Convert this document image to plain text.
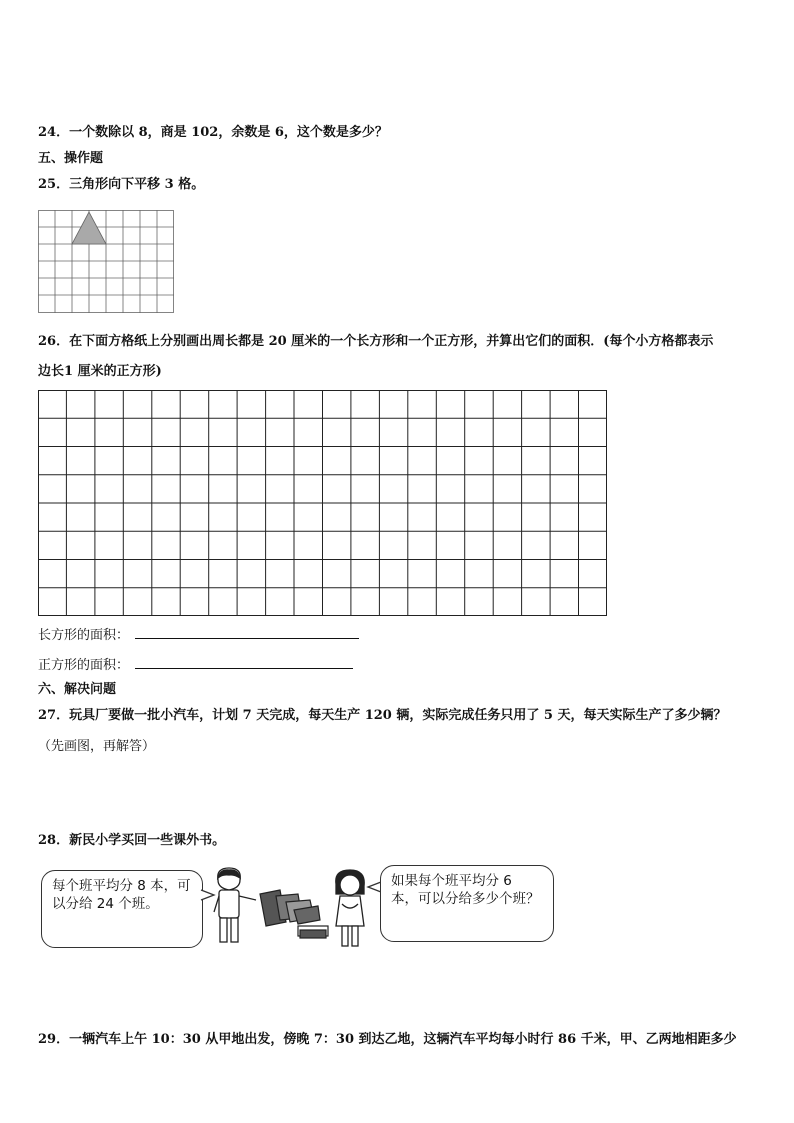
24．一个数除以 8，商是 102，余数是 6，这个数是多少？
五、操作题
25．三角形向下平移 3 格。
26．在下面方格纸上分别画出周长都是 20 厘米的一个长方形和一个正方形，并算出它们的面积．(每个小方格都表示
边长1 厘米的正方形)
长方形的面积：
正方形的面积：
六、解决问题
27．玩具厂要做一批小汽车，计划 7 天完成，每天生产 120 辆，实际完成任务只用了 5 天，每天实际生产了多少辆？
（先画图，再解答）
28．新民小学买回一些课外书。
每个班平均分 8 本，可以分给 24 个班。
如果每个班平均分 6 本，可以分给多少个班？
29．一辆汽车上午 10：30 从甲地出发，傍晚 7：30 到达乙地，这辆汽车平均每小时行 86 千米，甲、乙两地相距多少
